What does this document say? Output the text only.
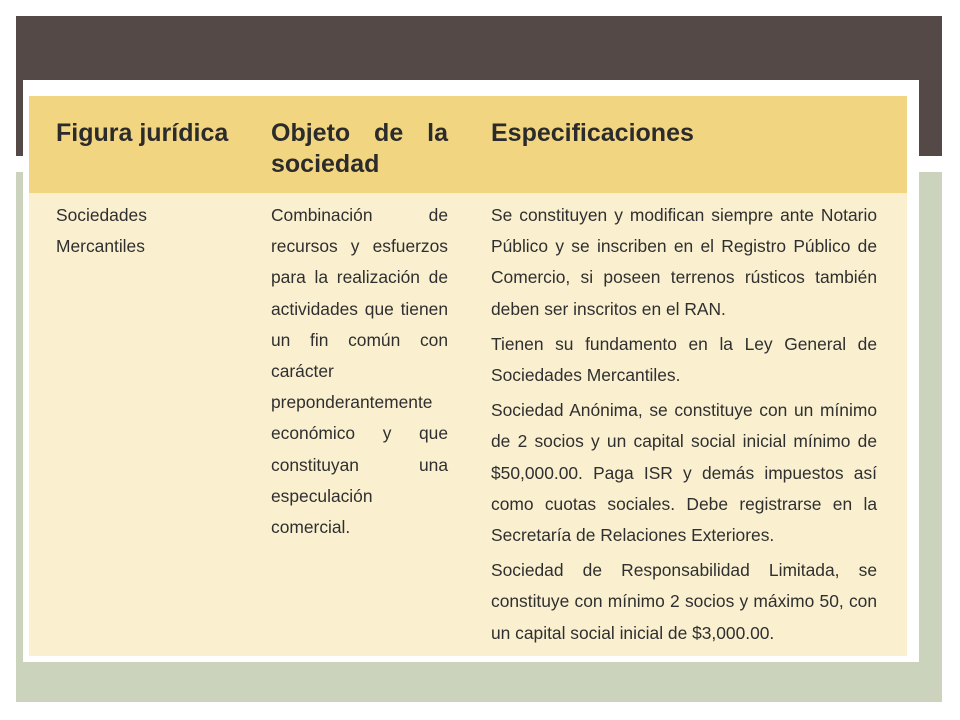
Figura jurídica	Objeto de la sociedad
Especificaciones
Sociedades Mercantiles
Combinación de recursos y esfuerzos para la realización de actividades que tienen un fin común con carácter preponderantemente económico y que constituyan una especulación comercial.

Se constituyen y modifican siempre ante Notario Público y se inscriben en el Registro Público de Comercio, si poseen terrenos rústicos también deben ser inscritos en el RAN.

Tienen su fundamento en la Ley General de Sociedades Mercantiles.

Sociedad Anónima, se constituye con un mínimo de 2 socios y un capital social inicial mínimo de $50,000.00. Paga ISR y demás impuestos así como cuotas sociales. Debe registrarse en la Secretaría de Relaciones Exteriores.

Sociedad de Responsabilidad Limitada, se constituye con mínimo 2 socios y máximo 50, con un capital social inicial de $3,000.00.
